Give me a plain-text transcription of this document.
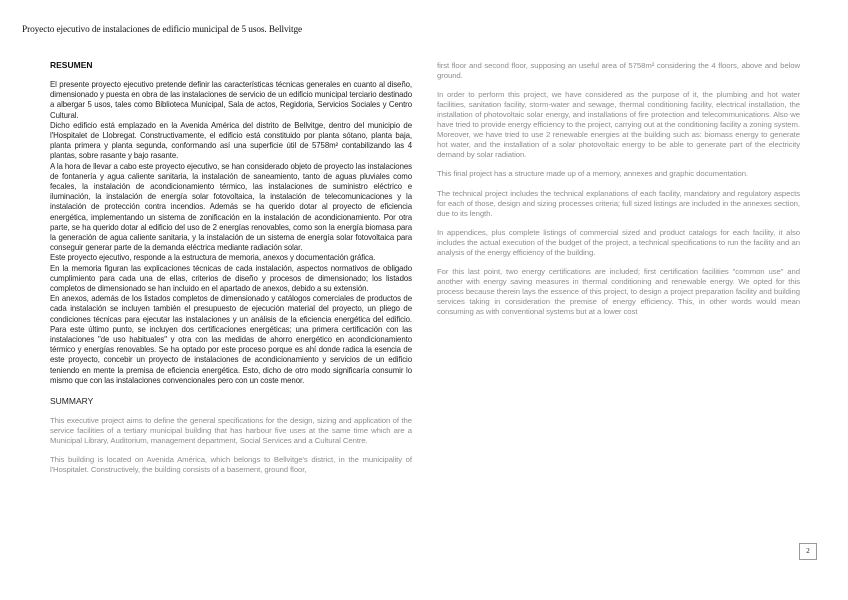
Proyecto ejecutivo de instalaciones de edificio municipal de 5 usos. Bellvitge
RESUMEN

El presente proyecto ejecutivo pretende definir las características técnicas generales en cuanto al diseño, dimensionado y puesta en obra de las instalaciones de servicio de un edificio municipal terciario destinado a albergar 5 usos, tales como Biblioteca Municipal, Sala de actos, Regidoria, Servicios Sociales y Centro Cultural.

Dicho edificio está emplazado en la Avenida América del distrito de Bellvitge, dentro del municipio de l'Hospitalet de Llobregat. Constructivamente, el edificio está constituido por planta sótano, planta baja, planta primera y planta segunda, conformando así una superficie útil de 5758m² contabilizando las 4 plantas, sobre rasante y bajo rasante.

A la hora de llevar a cabo este proyecto ejecutivo, se han considerado objeto de proyecto las instalaciones de fontanería y agua caliente sanitaria, la instalación de saneamiento, tanto de aguas pluviales como fecales, la instalación de acondicionamiento térmico, las instalaciones de suministro eléctrico e iluminación, la instalación de energía solar fotovoltaica, la instalación de telecomunicaciones y la instalación de protección contra incendios. Además se ha querido dotar al proyecto de eficiencia energética, implementando un sistema de zonificación en la instalación de acondicionamiento. Por otra parte, se ha querido dotar al edificio del uso de 2 energías renovables, como son la energía biomasa para la generación de agua caliente sanitaria, y la instalación de un sistema de energía solar fotovoltaica para conseguir generar parte de la demanda eléctrica mediante radiación solar.

Este proyecto ejecutivo, responde a la estructura de memoria, anexos y documentación gráfica.

En la memoria figuran las explicaciones técnicas de cada instalación, aspectos normativos de obligado cumplimiento para cada una de ellas, criterios de diseño y procesos de dimensionado; los listados completos de dimensionado se han incluido en el apartado de anexos, debido a su extensión.

En anexos, además de los listados completos de dimensionado y catálogos comerciales de productos de cada instalación se incluyen también el presupuesto de ejecución material del proyecto, un pliego de condiciones técnicas para ejecutar las instalaciones y un análisis de la eficiencia energética del edificio. Para este último punto, se incluyen dos certificaciones energéticas; una primera certificación con las instalaciones "de uso habituales" y otra con las medidas de ahorro energético en acondicionamiento térmico y energías renovables. Se ha optado por este proceso porque es ahí donde radica la esencia de este proyecto, concebir un proyecto de instalaciones de acondicionamiento y servicios de un edificio teniendo en mente la premisa de eficiencia energética. Esto, dicho de otro modo significaría consumir lo mismo que con las instalaciones convencionales pero con un coste menor.

SUMMARY

This executive project aims to define the general specifications for the design, sizing and application of the service facilities of a tertiary municipal building that has harbour five uses at the same time which are a Municipal Library, Auditorium, management department, Social Services and a Cultural Centre.

This building is located on Avenida América, which belongs to Bellvitge's district, in the municipality of l'Hospitalet. Constructively, the building consists of a basement, ground floor,

first floor and second floor, supposing an useful area of 5758m² considering the 4 floors, above and below ground.

In order to perform this project, we have considered as the purpose of it, the plumbing and hot water facilities, sanitation facility, storm-water and sewage, thermal conditioning facility, electrical installation, the installation of photovoltaic solar energy, and installations of fire protection and telecommunications. Also we have tried to provide energy efficiency to the project, carrying out at the conditioning facility a zoning system. Moreover, we have tried to use 2 renewable energies at the building such as: biomass energy to generate hot water, and the installation of a solar photovoltaic energy to be able to generate part of the electricity demand by solar radiation.

This final project has a structure made up of a memory, annexes and graphic documentation.

The technical project includes the technical explanations of each facility, mandatory and regulatory aspects for each of those, design and sizing processes criteria; full sized listings are included in the annexes section, due to its length.

In appendices, plus complete listings of commercial sized and product catalogs for each facility, it also includes the actual execution of the budget of the project, a technical specifications to run the facility and an analysis of the energy efficiency of the building.

For this last point, two energy certifications are included; first certification facilities "common use" and another with energy saving measures in thermal conditioning and renewable energy. We opted for this process because therein lays the essence of this project, to design a project preparation facility and building services taking in consideration the premise of energy efficiency. This, in other words would mean consuming as with conventional systems but at a lower cost

2
